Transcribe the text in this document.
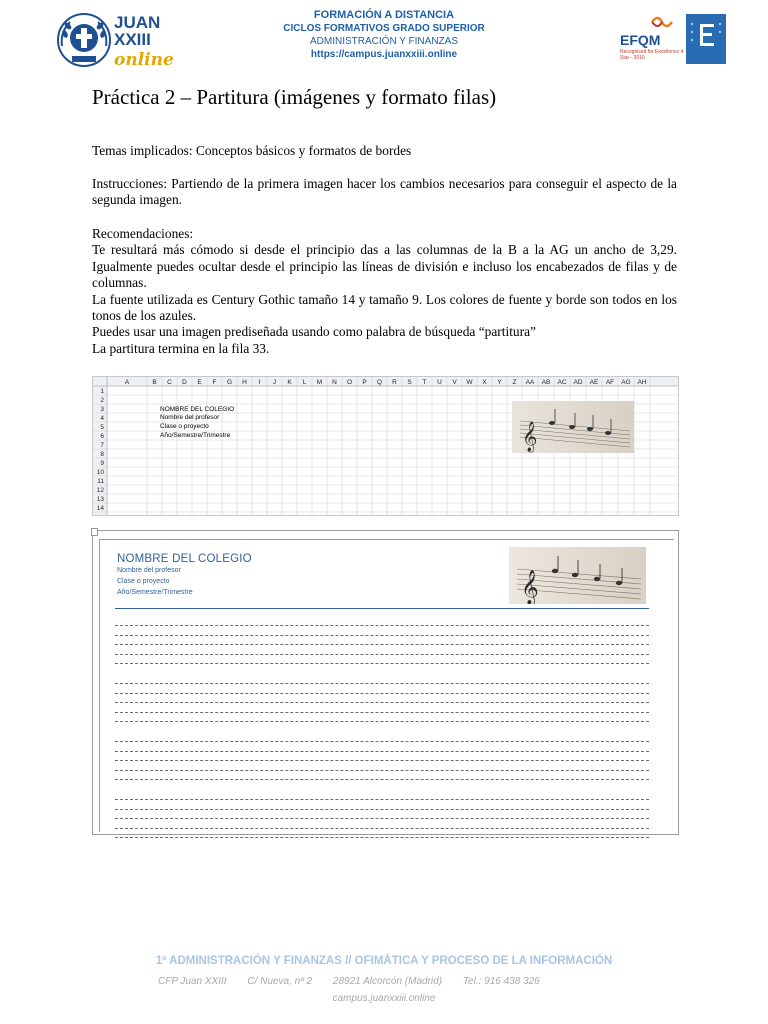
JUAN
XXIII
online
FORMACIÓN A DISTANCIA
CICLOS FORMATIVOS GRADO SUPERIOR
ADMINISTRACIÓN Y FINANZAS
https://campus.juanxxiii.online
EFQM
Recognised for Excellence 4 Star - 2016
Práctica 2 – Partitura (imágenes y formato filas)
Temas implicados: Conceptos básicos y formatos de bordes
Instrucciones: Partiendo de la primera imagen hacer los cambios necesarios para conseguir el aspecto de la segunda imagen.

Recomendaciones:

Te resultará más cómodo si desde el principio das a las columnas de la B a la AG un ancho de 3,29. Igualmente puedes ocultar desde el principio las líneas de división e incluso los encabezados de filas y de columnas.

La fuente utilizada es Century Gothic tamaño 14 y tamaño 9. Los colores de fuente y borde son todos en los tonos de los azules.

Puedes usar una imagen prediseñada usando como palabra de búsqueda “partitura”

La partitura termina en la fila 33.

A	B C D E F G H I J K L M N O P Q R S T U V W X Y Z AA AB AC AD AE AF AG AH
1
2
3
4
5
6
7
8
9
10
11
12
13
14
𝄞
NOMBRE DEL COLEGIO
Nombre del profesor
Clase o proyecto
Año/Semestre/Trimestre

NOMBRE DEL COLEGIO
Nombre del profesor
Clase o proyecto
Año/Semestre/Trimestre	𝄞
1º ADMINISTRACIÓN Y FINANZAS // OFIMÁTICA Y PROCESO DE LA INFORMACIÓN
CFP Juan XXIII C/ Nueva, nº 2 28921 Alcorcón (Madrid) Tel.: 916 438 326
campus.juanxxiii.online
